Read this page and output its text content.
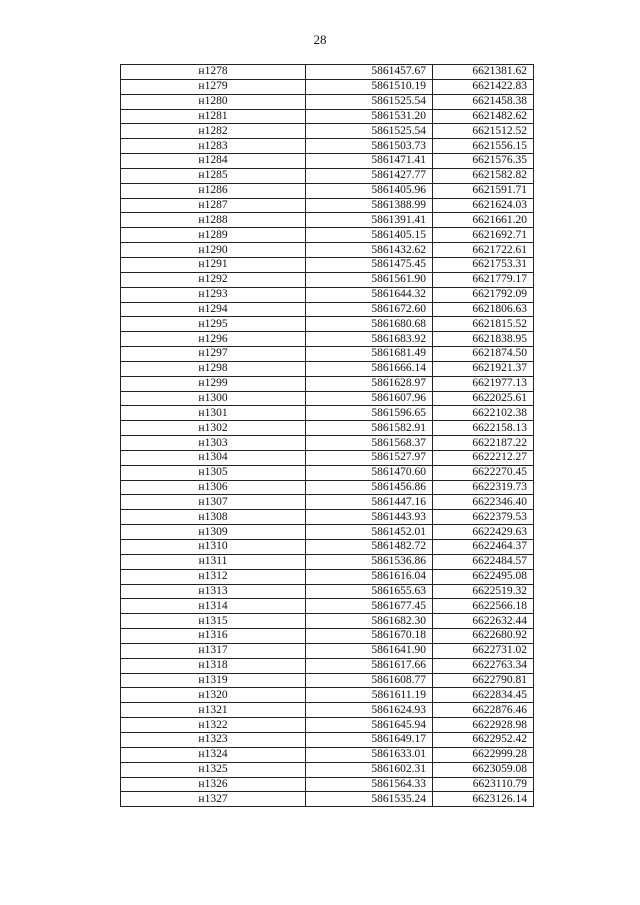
28
н1278	5861457.67	6621381.62
н1279	5861510.19	6621422.83
н1280	5861525.54	6621458.38
н1281	5861531.20	6621482.62
н1282	5861525.54	6621512.52
н1283	5861503.73	6621556.15
н1284	5861471.41	6621576.35
н1285	5861427.77	6621582.82
н1286	5861405.96	6621591.71
н1287	5861388.99	6621624.03
н1288	5861391.41	6621661.20
н1289	5861405.15	6621692.71
н1290	5861432.62	6621722.61
н1291	5861475.45	6621753.31
н1292	5861561.90	6621779.17
н1293	5861644.32	6621792.09
н1294	5861672.60	6621806.63
н1295	5861680.68	6621815.52
н1296	5861683.92	6621838.95
н1297	5861681.49	6621874.50
н1298	5861666.14	6621921.37
н1299	5861628.97	6621977.13
н1300	5861607.96	6622025.61
н1301	5861596.65	6622102.38
н1302	5861582.91	6622158.13
н1303	5861568.37	6622187.22
н1304	5861527.97	6622212.27
н1305	5861470.60	6622270.45
н1306	5861456.86	6622319.73
н1307	5861447.16	6622346.40
н1308	5861443.93	6622379.53
н1309	5861452.01	6622429.63
н1310	5861482.72	6622464.37
н1311	5861536.86	6622484.57
н1312	5861616.04	6622495.08
н1313	5861655.63	6622519.32
н1314	5861677.45	6622566.18
н1315	5861682.30	6622632.44
н1316	5861670.18	6622680.92
н1317	5861641.90	6622731.02
н1318	5861617.66	6622763.34
н1319	5861608.77	6622790.81
н1320	5861611.19	6622834.45
н1321	5861624.93	6622876.46
н1322	5861645.94	6622928.98
н1323	5861649.17	6622952.42
н1324	5861633.01	6622999.28
н1325	5861602.31	6623059.08
н1326	5861564.33	6623110.79
н1327	5861535.24	6623126.14
